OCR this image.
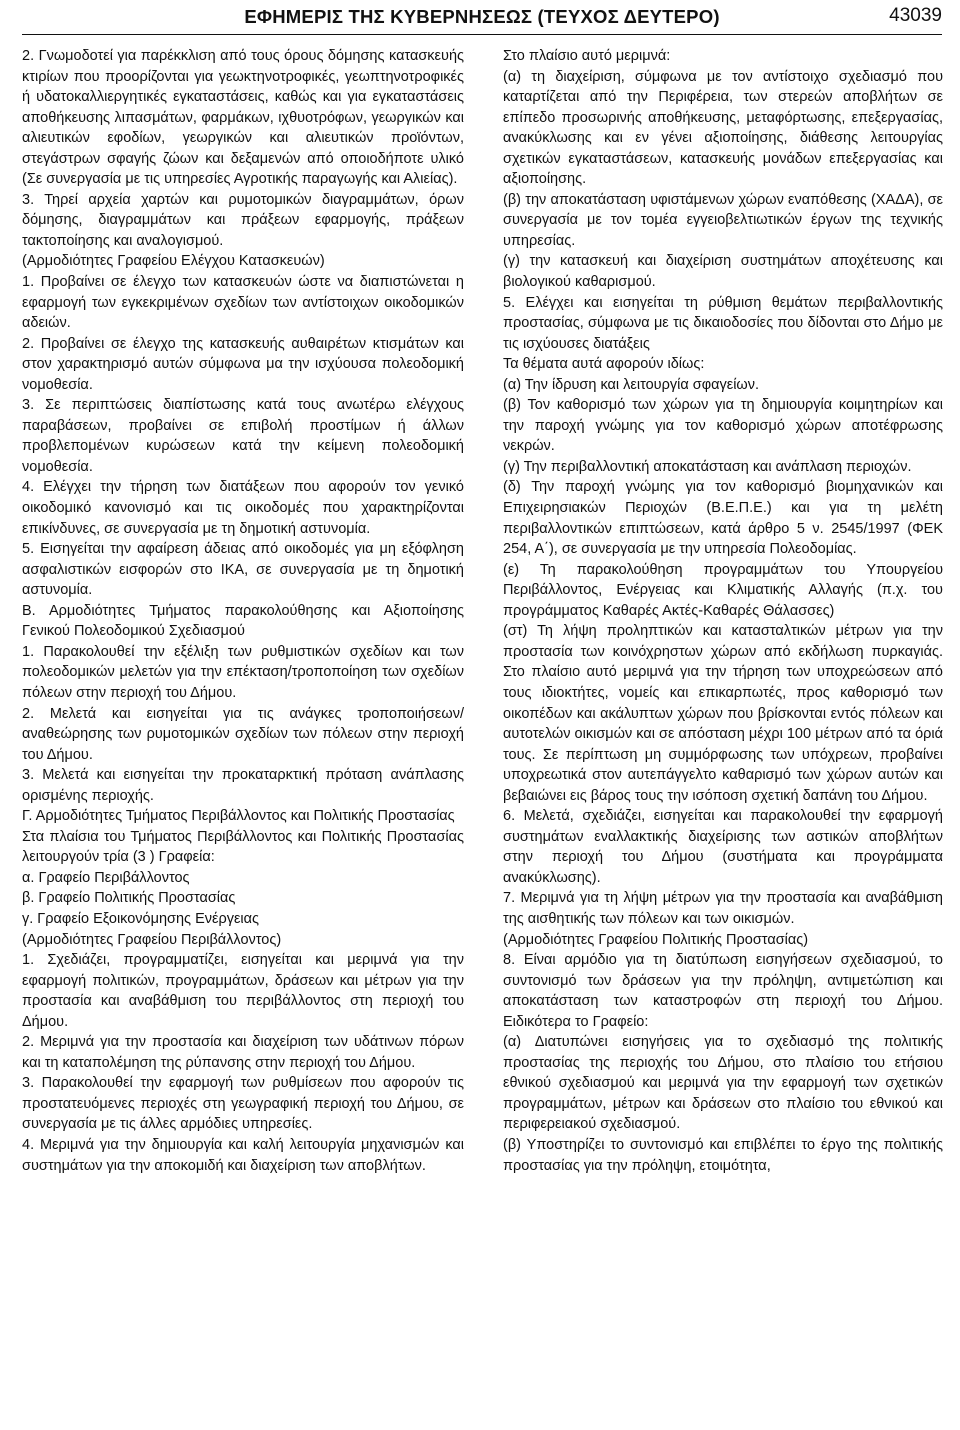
ΕΦΗΜΕΡΙΣ ΤΗΣ ΚΥΒΕΡΝΗΣΕΩΣ (ΤΕΥΧΟΣ ΔΕΥΤΕΡΟ)	43039

2. Γνωμοδοτεί για παρέκκλιση από τους όρους δόμησης κατασκευής κτιρίων που προορίζονται για γεωκτηνοτροφικές, γεωπτηνοτροφικές ή υδατοκαλλιεργητικές εγκαταστάσεις, καθώς και για εγκαταστάσεις αποθήκευσης λιπασμάτων, φαρμάκων, ιχθυοτρόφων, γεωργικών και αλιευτικών εφοδίων, γεωργικών και αλιευτικών προϊόντων, στεγάστρων σφαγής ζώων και δεξαμενών από οποιοδήποτε υλικό (Σε συνεργασία με τις υπηρεσίες Αγροτικής παραγωγής και Αλιείας).

3. Τηρεί αρχεία χαρτών και ρυμοτομικών διαγραμμάτων, όρων δόμησης, διαγραμμάτων και πράξεων εφαρμογής, πράξεων τακτοποίησης και αναλογισμού.

(Αρμοδιότητες Γραφείου Ελέγχου Κατασκευών)

1. Προβαίνει σε έλεγχο των κατασκευών ώστε να διαπιστώνεται η εφαρμογή των εγκεκριμένων σχεδίων των αντίστοιχων οικοδομικών αδειών.

2. Προβαίνει σε έλεγχο της κατασκευής αυθαιρέτων κτισμάτων και στον χαρακτηρισμό αυτών σύμφωνα μα την ισχύουσα πολεοδομική νομοθεσία.

3. Σε περιπτώσεις διαπίστωσης κατά τους ανωτέρω ελέγχους παραβάσεων, προβαίνει σε επιβολή προστίμων ή άλλων προβλεπομένων κυρώσεων κατά την κείμενη πολεοδομική νομοθεσία.

4. Ελέγχει την τήρηση των διατάξεων που αφορούν τον γενικό οικοδομικό κανονισμό και τις οικοδομές που χαρακτηρίζονται επικίνδυνες, σε συνεργασία με τη δημοτική αστυνομία.

5. Εισηγείται την αφαίρεση άδειας από οικοδομές για μη εξόφληση ασφαλιστικών εισφορών στο ΙΚΑ, σε συνεργασία με τη δημοτική αστυνομία.

Β. Αρμοδιότητες Τμήματος παρακολούθησης και Αξιοποίησης Γενικού Πολεοδομικού Σχεδιασμού

1. Παρακολουθεί την εξέλιξη των ρυθμιστικών σχεδίων και των πολεοδομικών μελετών για την επέκταση/τροποποίηση των σχεδίων πόλεων στην περιοχή του Δήμου.

2. Μελετά και εισηγείται για τις ανάγκες τροποποιήσεων/αναθεώρησης των ρυμοτομικών σχεδίων των πόλεων στην περιοχή του Δήμου.

3. Μελετά και εισηγείται την προκαταρκτική πρόταση ανάπλασης ορισμένης περιοχής.

Γ. Αρμοδιότητες Τμήματος Περιβάλλοντος και Πολιτικής Προστασίας

Στα πλαίσια του Τμήματος Περιβάλλοντος και Πολιτικής Προστασίας λειτουργούν τρία (3 ) Γραφεία:

α. Γραφείο Περιβάλλοντος

β. Γραφείο Πολιτικής Προστασίας

γ. Γραφείο Εξοικονόμησης Ενέργειας

(Αρμοδιότητες Γραφείου Περιβάλλοντος)

1. Σχεδιάζει, προγραμματίζει, εισηγείται και μεριμνά για την εφαρμογή πολιτικών, προγραμμάτων, δράσεων και μέτρων για την προστασία και αναβάθμιση του περιβάλλοντος στη περιοχή του Δήμου.

2. Μεριμνά για την προστασία και διαχείριση των υδάτινων πόρων και τη καταπολέμηση της ρύπανσης στην περιοχή του Δήμου.

3. Παρακολουθεί την εφαρμογή των ρυθμίσεων που αφορούν τις προστατευόμενες περιοχές στη γεωγραφική περιοχή του Δήμου, σε συνεργασία με τις άλλες αρμόδιες υπηρεσίες.

4. Μεριμνά για την δημιουργία και καλή λειτουργία μηχανισμών και συστημάτων για την αποκομιδή και διαχείριση των αποβλήτων.

Στο πλαίσιο αυτό μεριμνά:

(α) τη διαχείριση, σύμφωνα με τον αντίστοιχο σχεδιασμό που καταρτίζεται από την Περιφέρεια, των στερεών αποβλήτων σε επίπεδο προσωρινής αποθήκευσης, μεταφόρτωσης, επεξεργασίας, ανακύκλωσης και εν γένει αξιοποίησης, διάθεσης λειτουργίας σχετικών εγκαταστάσεων, κατασκευής μονάδων επεξεργασίας και αξιοποίησης.

(β) την αποκατάσταση υφιστάμενων χώρων εναπόθεσης (ΧΑΔΑ), σε συνεργασία με τον τομέα εγγειοβελτιωτικών έργων της τεχνικής υπηρεσίας.

(γ) την κατασκευή και διαχείριση συστημάτων αποχέτευσης και βιολογικού καθαρισμού.

5. Ελέγχει και εισηγείται τη ρύθμιση θεμάτων περιβαλλοντικής προστασίας, σύμφωνα με τις δικαιοδοσίες που δίδονται στο Δήμο με τις ισχύουσες διατάξεις

Τα θέματα αυτά αφορούν ιδίως:

(α) Την ίδρυση και λειτουργία σφαγείων.

(β) Τον καθορισμό των χώρων για τη δημιουργία κοιμητηρίων και την παροχή γνώμης για τον καθορισμό χώρων αποτέφρωσης νεκρών.

(γ) Την περιβαλλοντική αποκατάσταση και ανάπλαση περιοχών.

(δ) Την παροχή γνώμης για τον καθορισμό βιομηχανικών και Επιχειρησιακών Περιοχών (Β.Ε.Π.Ε.) και για τη μελέτη περιβαλλοντικών επιπτώσεων, κατά άρθρο 5 ν. 2545/1997 (ΦΕΚ 254, Α΄), σε συνεργασία με την υπηρεσία Πολεοδομίας.

(ε) Τη παρακολούθηση προγραμμάτων του Υπουργείου Περιβάλλοντος, Ενέργειας και Κλιματικής Αλλαγής (π.χ. του προγράμματος Καθαρές Ακτές-Καθαρές Θάλασσες)

(στ) Τη λήψη προληπτικών και κατασταλτικών μέτρων για την προστασία των κοινόχρηστων χώρων από εκδήλωση πυρκαγιάς. Στο πλαίσιο αυτό μεριμνά για την τήρηση των υποχρεώσεων από τους ιδιοκτήτες, νομείς και επικαρπωτές, προς καθορισμό των οικοπέδων και ακάλυπτων χώρων που βρίσκονται εντός πόλεων και αυτοτελών οικισμών και σε απόσταση μέχρι 100 μέτρων από τα όριά τους. Σε περίπτωση μη συμμόρφωσης των υπόχρεων, προβαίνει υποχρεωτικά στον αυτεπάγγελτο καθαρισμό των χώρων αυτών και βεβαιώνει εις βάρος τους την ισόποση σχετική δαπάνη του Δήμου.

6. Μελετά, σχεδιάζει, εισηγείται και παρακολουθεί την εφαρμογή συστημάτων εναλλακτικής διαχείρισης των αστικών αποβλήτων στην περιοχή του Δήμου (συστήματα και προγράμματα ανακύκλωσης).

7. Μεριμνά για τη λήψη μέτρων για την προστασία και αναβάθμιση της αισθητικής των πόλεων και των οικισμών.

(Αρμοδιότητες Γραφείου Πολιτικής Προστασίας)

8. Είναι αρμόδιο για τη διατύπωση εισηγήσεων σχεδιασμού, το συντονισμό των δράσεων για την πρόληψη, αντιμετώπιση και αποκατάσταση των καταστροφών στη περιοχή του Δήμου. Ειδικότερα το Γραφείο:

(α) Διατυπώνει εισηγήσεις για το σχεδιασμό της πολιτικής προστασίας της περιοχής του Δήμου, στο πλαίσιο του ετήσιου εθνικού σχεδιασμού και μεριμνά για την εφαρμογή των σχετικών προγραμμάτων, μέτρων και δράσεων στο πλαίσιο του εθνικού και περιφερειακού σχεδιασμού.

(β) Υποστηρίζει το συντονισμό και επιβλέπει το έργο της πολιτικής προστασίας για την πρόληψη, ετοιμότητα,
